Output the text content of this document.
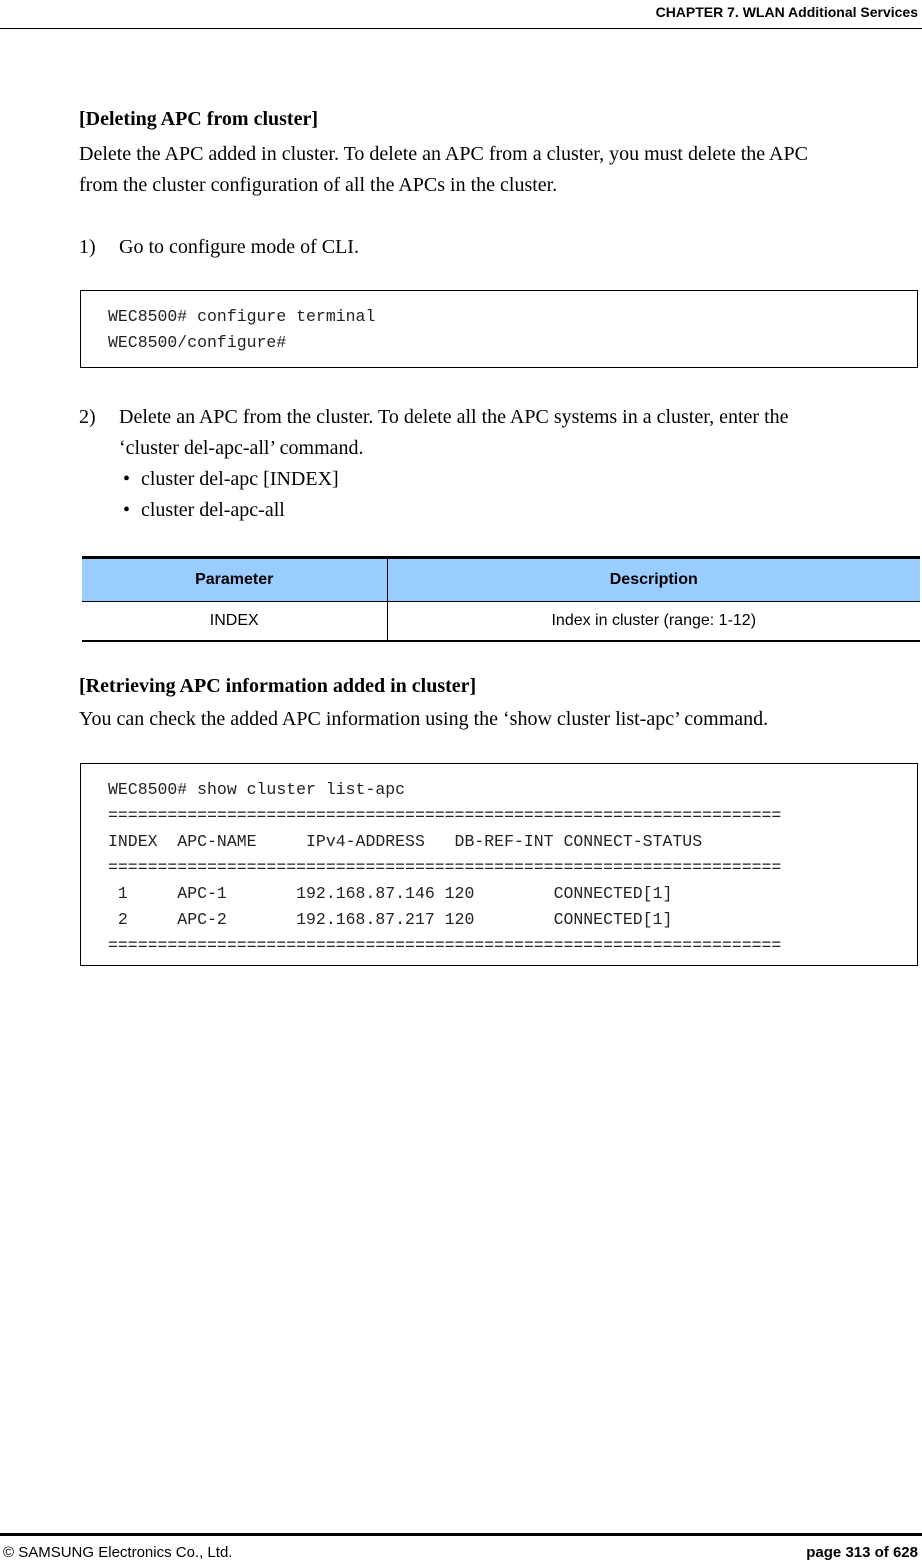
CHAPTER 7. WLAN Additional Services
[Deleting APC from cluster]
Delete the APC added in cluster. To delete an APC from a cluster, you must delete the APC
from the cluster configuration of all the APCs in the cluster.
1) Go to configure mode of CLI.
WEC8500# configure terminal
WEC8500/configure#
2) Delete an APC from the cluster. To delete all the APC systems in a cluster, enter the
‘cluster del-apc-all’ command.
• cluster del-apc [INDEX]
• cluster del-apc-all
Parameter	Description
INDEX	Index in cluster (range: 1-12)
[Retrieving APC information added in cluster]
You can check the added APC information using the ‘show cluster list-apc’ command.
WEC8500# show cluster list-apc
====================================================================
INDEX  APC-NAME     IPv4-ADDRESS   DB-REF-INT CONNECT-STATUS
====================================================================
1     APC-1       192.168.87.146 120        CONNECTED[1]
2     APC-2       192.168.87.217 120        CONNECTED[1]
====================================================================
© SAMSUNG Electronics Co., Ltd.	page 313 of 628
